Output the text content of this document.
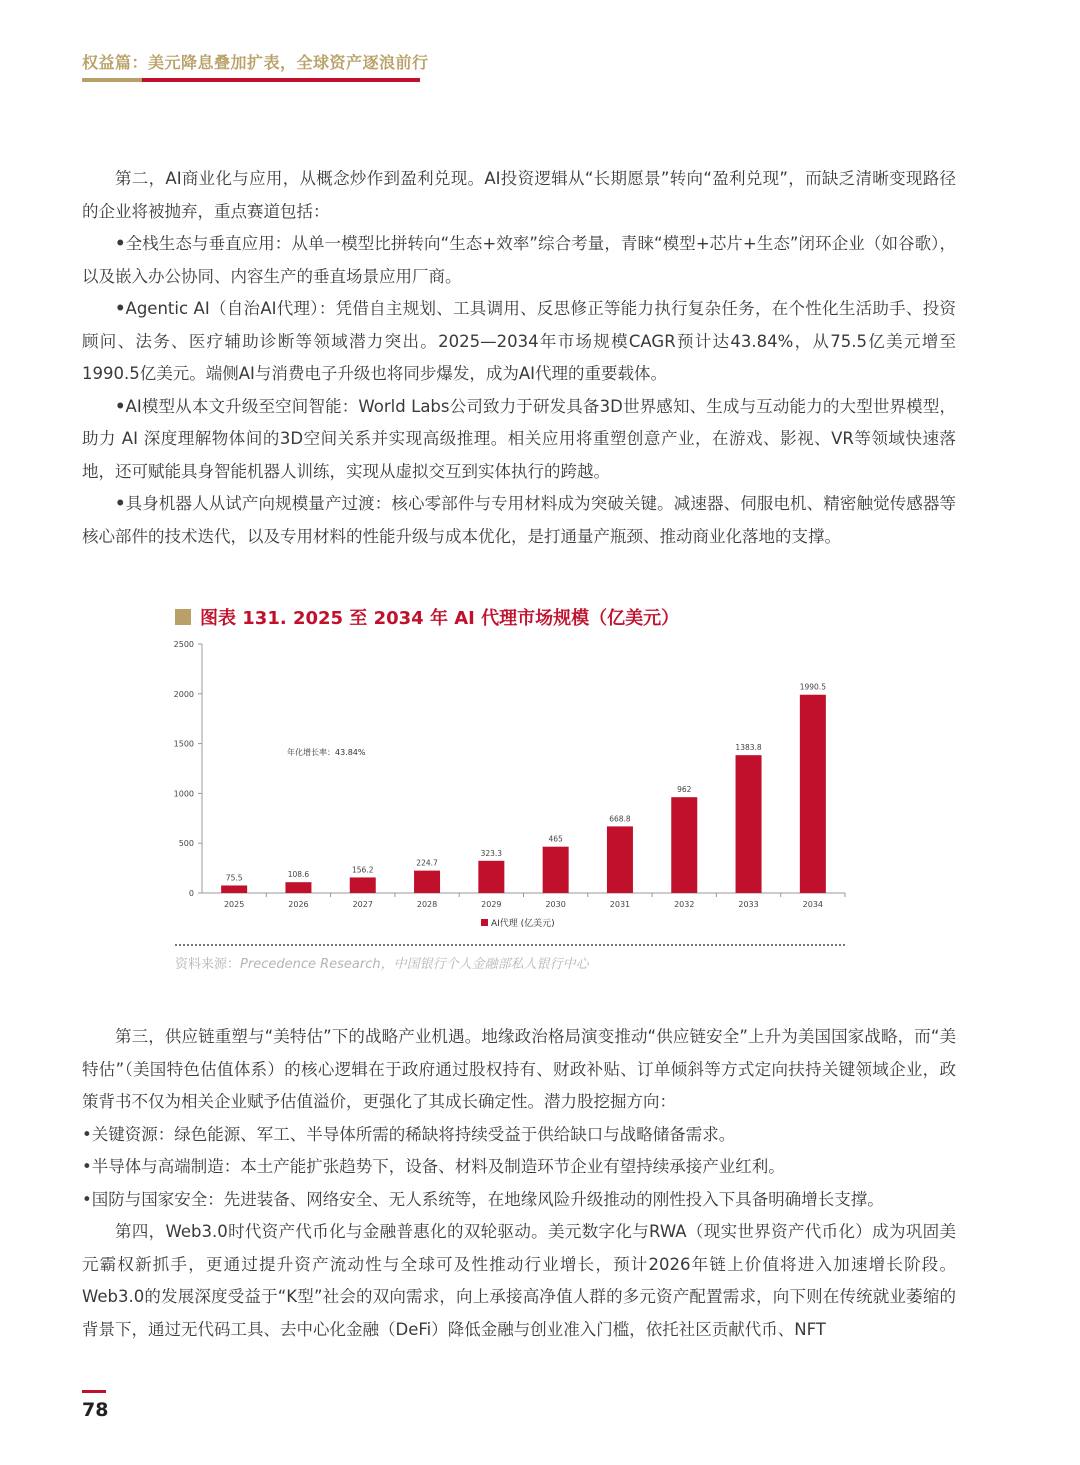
权益篇：美元降息叠加扩表，全球资产逐浪前行

第二，AI商业化与应用，从概念炒作到盈利兑现。AI投资逻辑从“长期愿景”转向“盈利兑现”，而缺乏清晰变现路径的企业将被抛弃，重点赛道包括：

•全栈生态与垂直应用：从单一模型比拼转向“生态+效率”综合考量，青睐“模型+芯片+生态”闭环企业（如谷歌），以及嵌入办公协同、内容生产的垂直场景应用厂商。

•Agentic AI（自治AI代理）：凭借自主规划、工具调用、反思修正等能力执行复杂任务，在个性化生活助手、投资顾问、法务、医疗辅助诊断等领域潜力突出。2025—2034年市场规模CAGR预计达43.84%，从75.5亿美元增至1990.5亿美元。端侧AI与消费电子升级也将同步爆发，成为AI代理的重要载体。

•AI模型从本文升级至空间智能：World Labs公司致力于研发具备3D世界感知、生成与互动能力的大型世界模型，助力 AI 深度理解物体间的3D空间关系并实现高级推理。相关应用将重塑创意产业，在游戏、影视、VR等领域快速落地，还可赋能具身智能机器人训练，实现从虚拟交互到实体执行的跨越。

•具身机器人从试产向规模量产过渡：核心零部件与专用材料成为突破关键。减速器、伺服电机、精密触觉传感器等核心部件的技术迭代，以及专用材料的性能升级与成本优化，是打通量产瓶颈、推动商业化落地的支撑。

图表 131. 2025 至 2034 年 AI 代理市场规模（亿美元）
0
500
1000
1500
2000
2500
75.5
2025
108.6
2026
156.2
2027
224.7
2028
323.3
2029
465
2030
668.8
2031
962
2032
1383.8
2033
1990.5
2034
年化增长率：43.84%
AI代理 (亿美元)
资料来源：Precedence Research，中国银行个人金融部私人银行中心

第三，供应链重塑与“美特估”下的战略产业机遇。地缘政治格局演变推动“供应链安全”上升为美国国家战略，而“美特估”（美国特色估值体系）的核心逻辑在于政府通过股权持有、财政补贴、订单倾斜等方式定向扶持关键领域企业，政策背书不仅为相关企业赋予估值溢价，更强化了其成长确定性。潜力股挖掘方向：

•关键资源：绿色能源、军工、半导体所需的稀缺将持续受益于供给缺口与战略储备需求。

•半导体与高端制造：本土产能扩张趋势下，设备、材料及制造环节企业有望持续承接产业红利。

•国防与国家安全：先进装备、网络安全、无人系统等，在地缘风险升级推动的刚性投入下具备明确增长支撑。

第四，Web3.0时代资产代币化与金融普惠化的双轮驱动。美元数字化与RWA（现实世界资产代币化）成为巩固美元霸权新抓手，更通过提升资产流动性与全球可及性推动行业增长，预计2026年链上价值将进入加速增长阶段。Web3.0的发展深度受益于“K型”社会的双向需求，向上承接高净值人群的多元资产配置需求，向下则在传统就业萎缩的背景下，通过无代码工具、去中心化金融（DeFi）降低金融与创业准入门槛，依托社区贡献代币、NFT

78
